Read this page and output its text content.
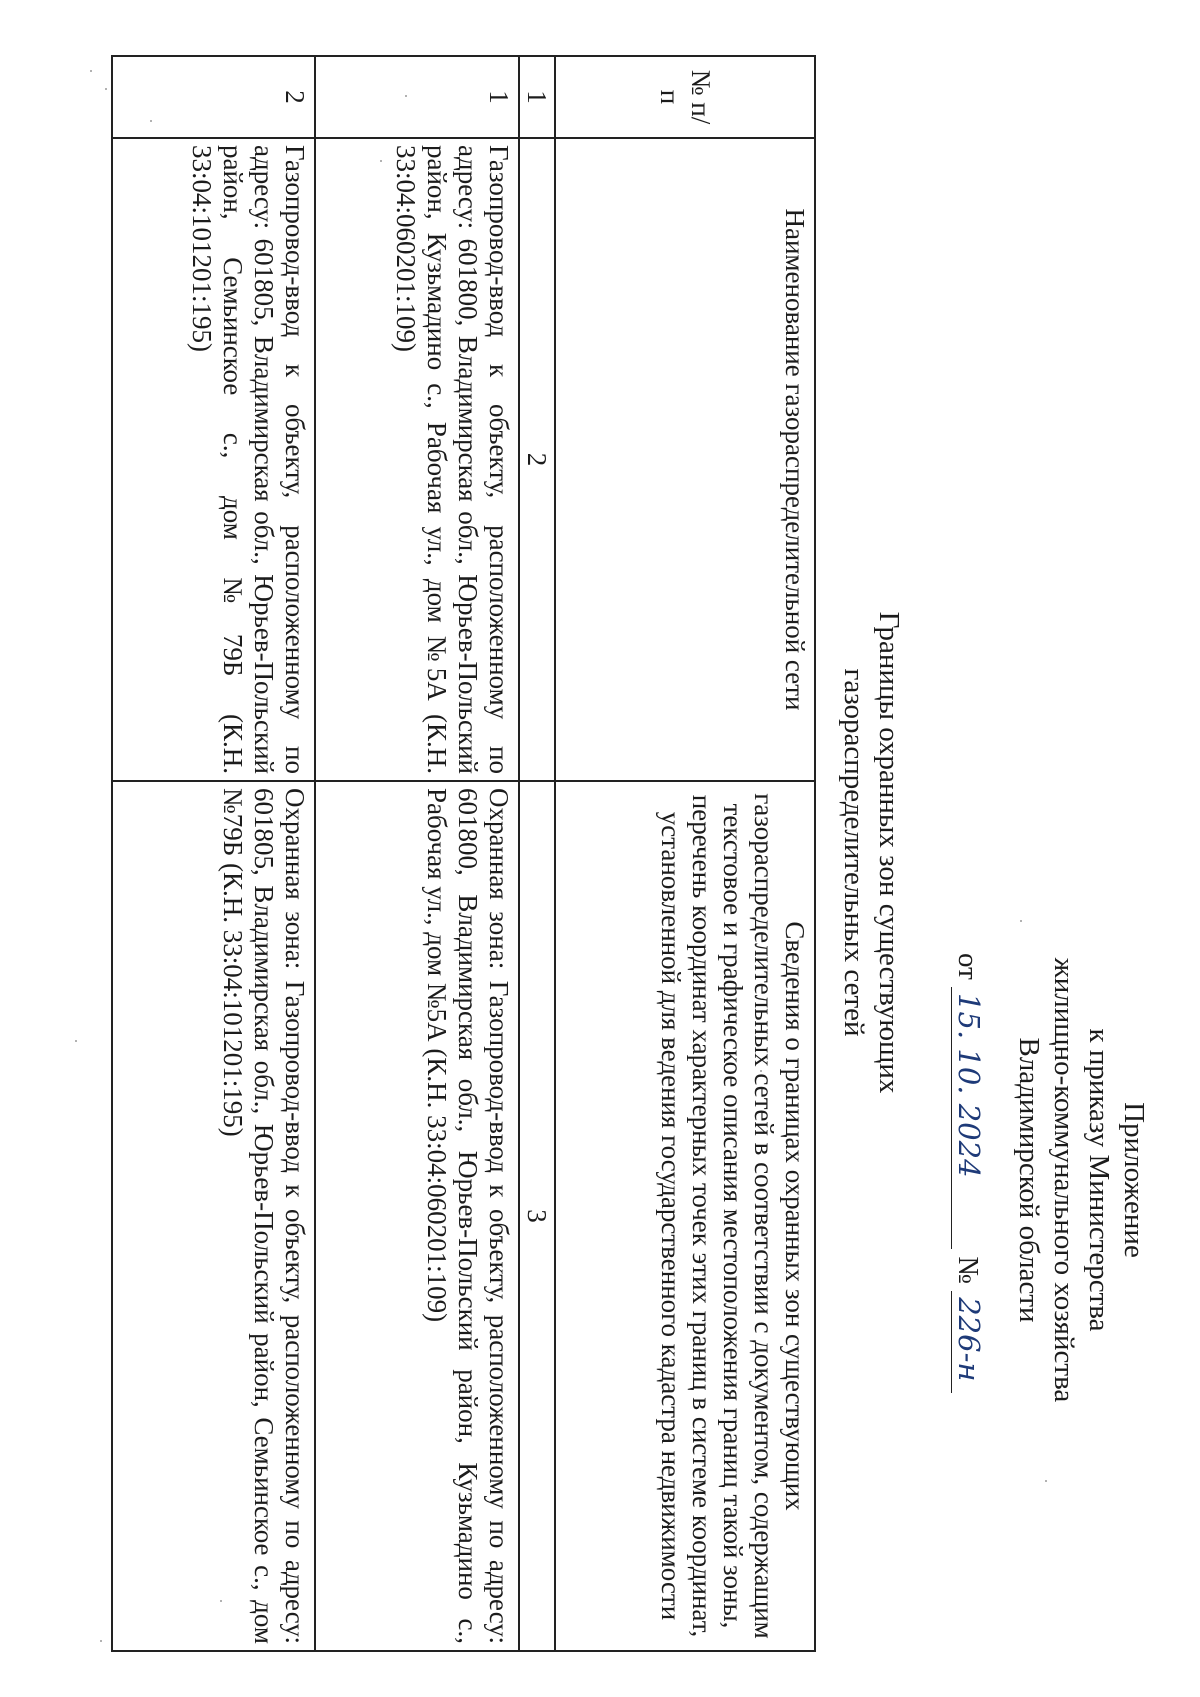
Приложение
к приказу Министерства
жилищно-коммунального хозяйства
Владимирской области
от 15. 10. 2024 № 226-н
Границы охранных зон существующих
газораспределительных сетей
№ п/п	Наименование газораспределительной сети	Сведения о границах охранных зон существующих газораспределительных сетей в соответствии с документом, содержащим текстовое и графическое описания местоположения границ такой зоны, перечень координат характерных точек этих границ в системе координат, установленной для ведения государственного кадастра недвижимости
1	2	3
1	Газопровод-ввод к объекту, расположенному по адресу: 601800, Владимирская обл., Юрьев-Польский район, Кузьмадино с., Рабочая ул., дом №5А (К.Н. 33:04:060201:109)	Охранная зона: Газопровод-ввод к объекту, расположенному по адресу: 601800, Владимирская обл., Юрьев-Польский район, Кузьмадино с., Рабочая ул., дом №5А (К.Н. 33:04:060201:109)
2	Газопровод-ввод к объекту, расположенному по адресу: 601805, Владимирская обл., Юрьев-Польский район, Семьинское с., дом №79Б (К.Н. 33:04:101201:195)	Охранная зона: Газопровод-ввод к объекту, расположенному по адресу: 601805, Владимирская обл., Юрьев-Польский район, Семьинское с., дом №79Б (К.Н. 33:04:101201:195)
